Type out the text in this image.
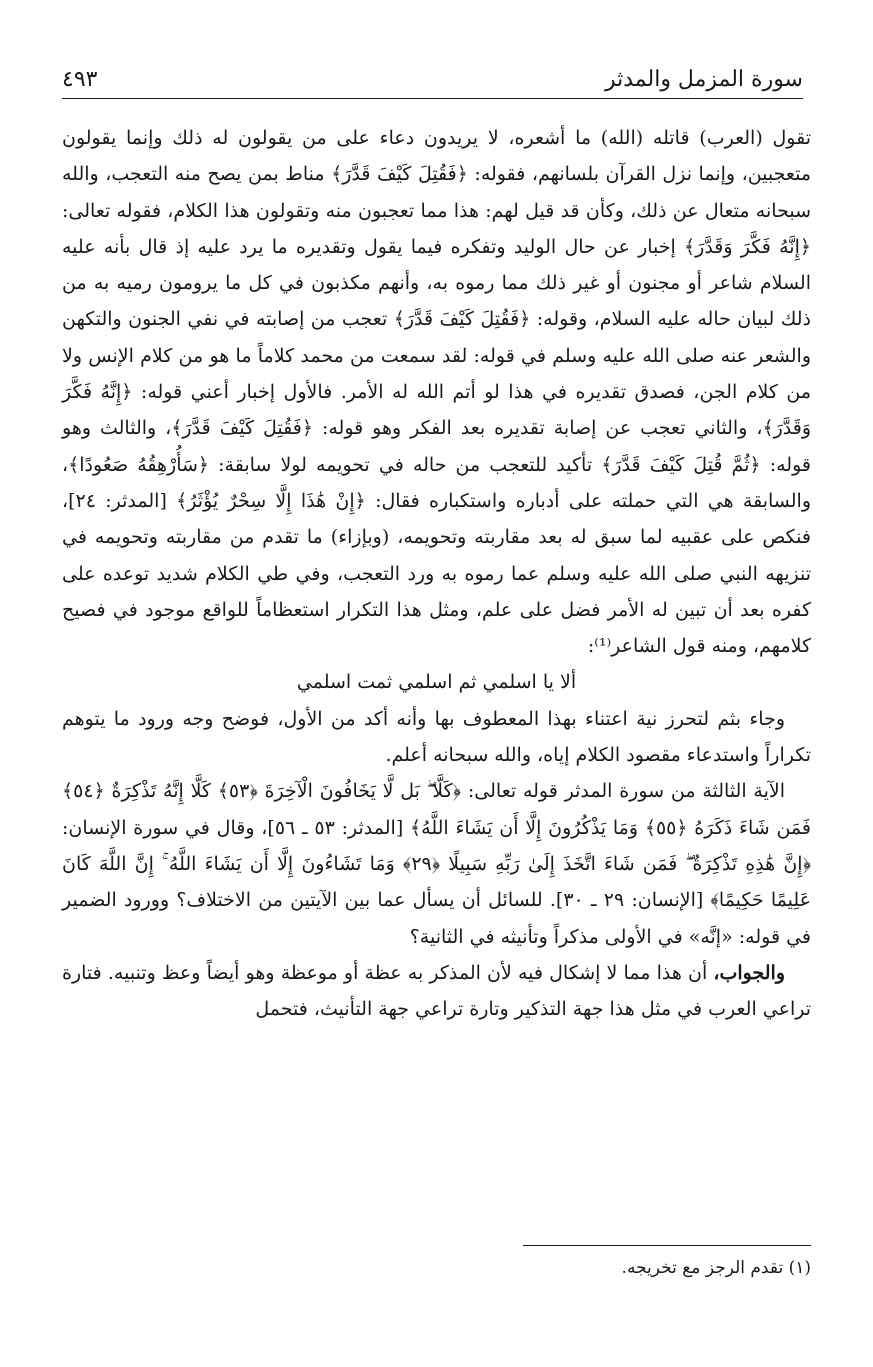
سورة المزمل والمدثر
٤٩٣

تقول (العرب) قاتله (الله) ما أشعره، لا يريدون دعاء على من يقولون له ذلك وإنما يقولون متعجبين، وإنما نزل القرآن بلسانهم، فقوله: ﴿فَقُتِلَ كَيْفَ قَدَّرَ﴾ مناط بمن يصح منه التعجب، والله سبحانه متعال عن ذلك، وكأن قد قيل لهم: هذا مما تعجبون منه وتقولون هذا الكلام، فقوله تعالى: ﴿إِنَّهُ فَكَّرَ وَقَدَّرَ﴾ إخبار عن حال الوليد وتفكره فيما يقول وتقديره ما يرد عليه إذ قال بأنه عليه السلام شاعر أو مجنون أو غير ذلك مما رموه به، وأنهم مكذبون في كل ما يرومون رميه به من ذلك لبيان حاله عليه السلام، وقوله: ﴿فَقُتِلَ كَيْفَ قَدَّرَ﴾ تعجب من إصابته في نفي الجنون والتكهن والشعر عنه صلى الله عليه وسلم في قوله: لقد سمعت من محمد كلاماً ما هو من كلام الإنس ولا من كلام الجن، فصدق تقديره في هذا لو أتم الله له الأمر. فالأول إخبار أعني قوله: ﴿إِنَّهُ فَكَّرَ وَقَدَّرَ﴾، والثاني تعجب عن إصابة تقديره بعد الفكر وهو قوله: ﴿فَقُتِلَ كَيْفَ قَدَّرَ﴾، والثالث وهو قوله: ﴿ثُمَّ قُتِلَ كَيْفَ قَدَّرَ﴾ تأكيد للتعجب من حاله في تحويمه لولا سابقة: ﴿سَأُرْهِقُهُ صَعُودًا﴾، والسابقة هي التي حملته على أدباره واستكباره فقال: ﴿إِنْ هَٰذَا إِلَّا سِحْرٌ يُؤْثَرُ﴾ [المدثر: ٢٤]، فنكص على عقبيه لما سبق له بعد مقاربته وتحويمه، (وبإزاء) ما تقدم من مقاربته وتحويمه في تنزيهه النبي صلى الله عليه وسلم عما رموه به ورد التعجب، وفي طي الكلام شديد توعده على كفره بعد أن تبين له الأمر فضل على علم، ومثل هذا التكرار استعظاماً للواقع موجود في فصيح كلامهم، ومنه قول الشاعر⁽¹⁾:

ألا يا اسلمي ثم اسلمي ثمت اسلمي

وجاء بثم لتحرز نية اعتناء بهذا المعطوف بها وأنه أكد من الأول، فوضح وجه ورود ما يتوهم تكراراً واستدعاء مقصود الكلام إياه، والله سبحانه أعلم.

الآية الثالثة من سورة المدثر قوله تعالى: ﴿كَلَّا ۖ بَل لَّا يَخَافُونَ الْآخِرَةَ ﴿٥٣﴾ كَلَّا إِنَّهُ تَذْكِرَةٌ ﴿٥٤﴾ فَمَن شَاءَ ذَكَرَهُ ﴿٥٥﴾ وَمَا يَذْكُرُونَ إِلَّا أَن يَشَاءَ اللَّهُ﴾ [المدثر: ٥٣ ـ ٥٦]، وقال في سورة الإنسان: ﴿إِنَّ هَٰذِهِ تَذْكِرَةٌ ۖ فَمَن شَاءَ اتَّخَذَ إِلَىٰ رَبِّهِ سَبِيلًا ﴿٢٩﴾ وَمَا تَشَاءُونَ إِلَّا أَن يَشَاءَ اللَّهُ ۚ إِنَّ اللَّهَ كَانَ عَلِيمًا حَكِيمًا﴾ [الإنسان: ٢٩ ـ ٣٠]. للسائل أن يسأل عما بين الآيتين من الاختلاف؟ وورود الضمير في قوله: «إنَّه» في الأولى مذكراً وتأنيثه في الثانية؟

والجواب، أن هذا مما لا إشكال فيه لأن المذكر به عظة أو موعظة وهو أيضاً وعظ وتنبيه. فتارة تراعي العرب في مثل هذا جهة التذكير وتارة تراعي جهة التأنيث، فتحمل

(١) تقدم الرجز مع تخريجه.
